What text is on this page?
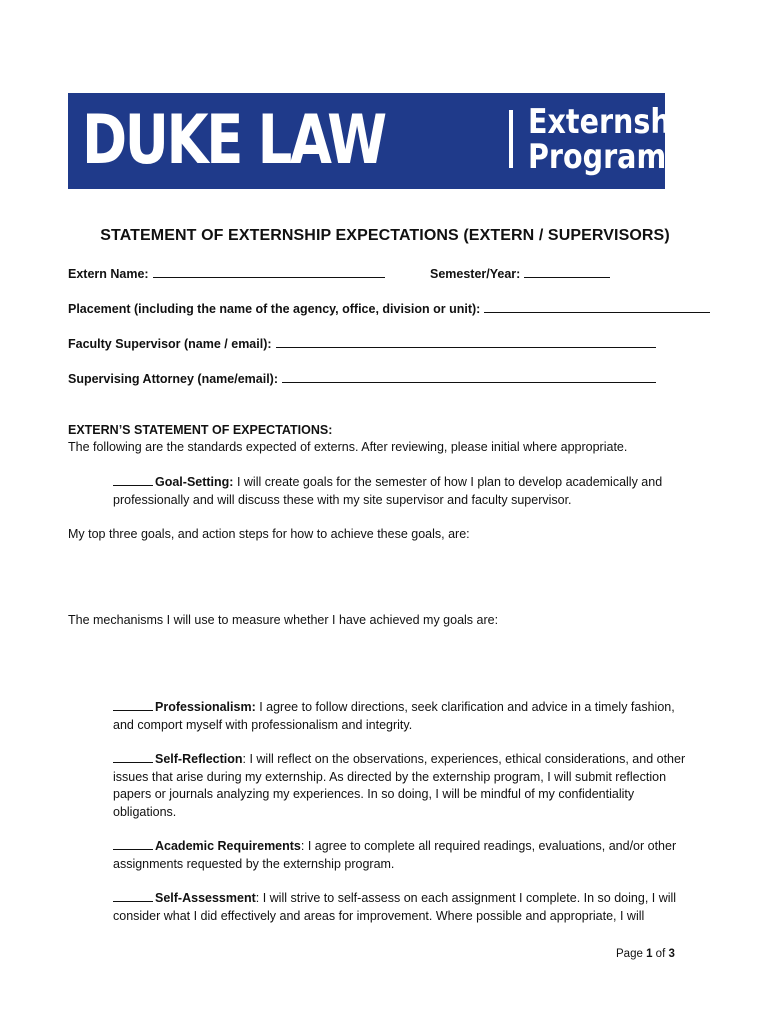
DUKE LAW	Externships
Program
STATEMENT OF EXTERNSHIP EXPECTATIONS (EXTERN / SUPERVISORS)
Extern Name:	Semester/Year:
Placement (including the name of the agency, office, division or unit):
Faculty Supervisor (name / email):
Supervising Attorney (name/email):
EXTERN’S STATEMENT OF EXPECTATIONS:
The following are the standards expected of externs. After reviewing, please initial where appropriate.
Goal-Setting: I will create goals for the semester of how I plan to develop academically and professionally and will discuss these with my site supervisor and faculty supervisor.
My top three goals, and action steps for how to achieve these goals, are:
The mechanisms I will use to measure whether I have achieved my goals are:
Professionalism: I agree to follow directions, seek clarification and advice in a timely fashion, and comport myself with professionalism and integrity.
Self-Reflection: I will reflect on the observations, experiences, ethical considerations, and other issues that arise during my externship. As directed by the externship program, I will submit reflection papers or journals analyzing my experiences. In so doing, I will be mindful of my confidentiality obligations.
Academic Requirements: I agree to complete all required readings, evaluations, and/or other assignments requested by the externship program.
Self-Assessment: I will strive to self-assess on each assignment I complete. In so doing, I will consider what I did effectively and areas for improvement. Where possible and appropriate, I will
Page 1 of 3
